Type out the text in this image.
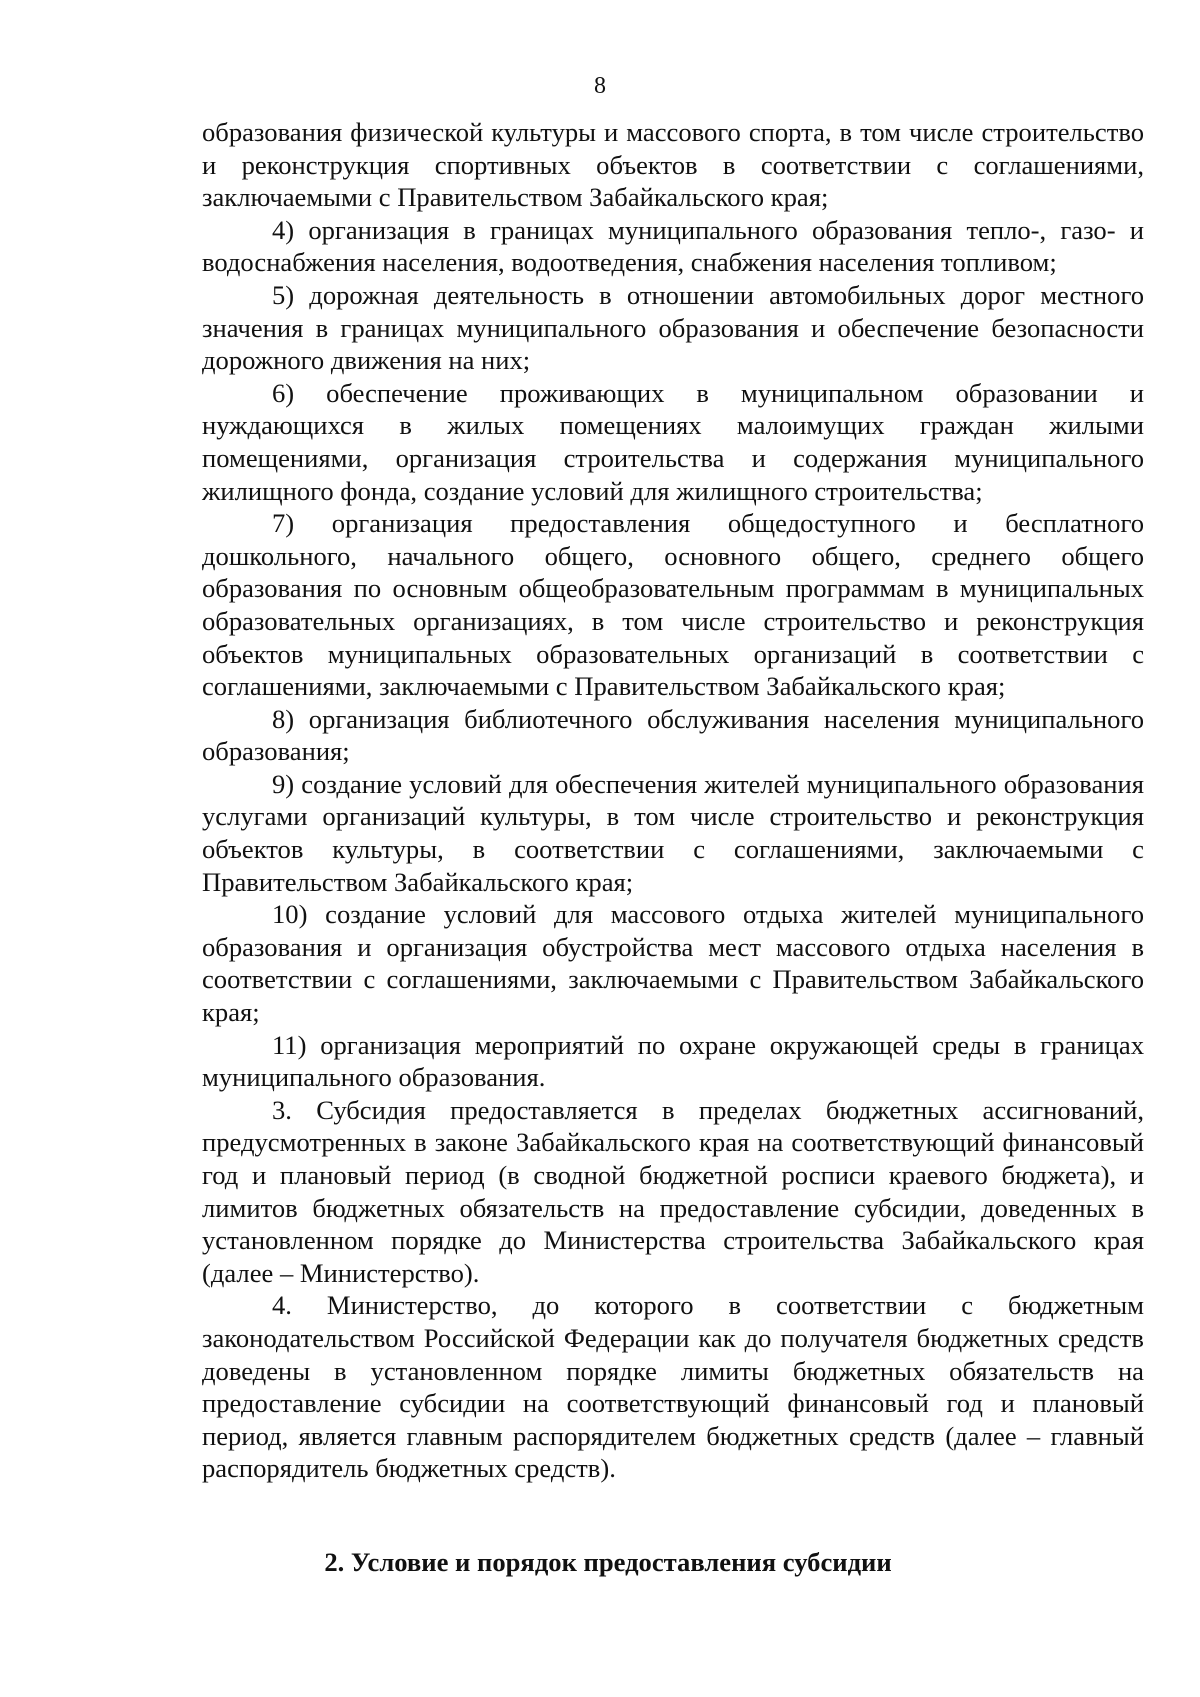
8

образования физической культуры и массового спорта, в том числе строительство и реконструкция спортивных объектов в соответствии с соглашениями, заключаемыми с Правительством Забайкальского края;

4) организация в границах муниципального образования тепло-, газо- и водоснабжения населения, водоотведения, снабжения населения топливом;

5) дорожная деятельность в отношении автомобильных дорог местного значения в границах муниципального образования и обеспечение безопасности дорожного движения на них;

6) обеспечение проживающих в муниципальном образовании и нуждающихся в жилых помещениях малоимущих граждан жилыми помещениями, организация строительства и содержания муниципального жилищного фонда, создание условий для жилищного строительства;

7) организация предоставления общедоступного и бесплатного дошкольного, начального общего, основного общего, среднего общего образования по основным общеобразовательным программам в муниципальных образовательных организациях, в том числе строительство и реконструкция объектов муниципальных образовательных организаций в соответствии с соглашениями, заключаемыми с Правительством Забайкальского края;

8) организация библиотечного обслуживания населения муниципального образования;

9) создание условий для обеспечения жителей муниципального образования услугами организаций культуры, в том числе строительство и реконструкция объектов культуры, в соответствии с соглашениями, заключаемыми с Правительством Забайкальского края;

10) создание условий для массового отдыха жителей муниципального образования и организация обустройства мест массового отдыха населения в соответствии с соглашениями, заключаемыми с Правительством Забайкальского края;

11) организация мероприятий по охране окружающей среды в границах муниципального образования.

3. Субсидия предоставляется в пределах бюджетных ассигнований, предусмотренных в законе Забайкальского края на соответствующий финансовый год и плановый период (в сводной бюджетной росписи краевого бюджета), и лимитов бюджетных обязательств на предоставление субсидии, доведенных в установленном порядке до Министерства строительства Забайкальского края (далее – Министерство).

4. Министерство, до которого в соответствии с бюджетным законодательством Российской Федерации как до получателя бюджетных средств доведены в установленном порядке лимиты бюджетных обязательств на предоставление субсидии на соответствующий финансовый год и плановый период, является главным распорядителем бюджетных средств (далее – главный распорядитель бюджетных средств).

2. Условие и порядок предоставления субсидии
